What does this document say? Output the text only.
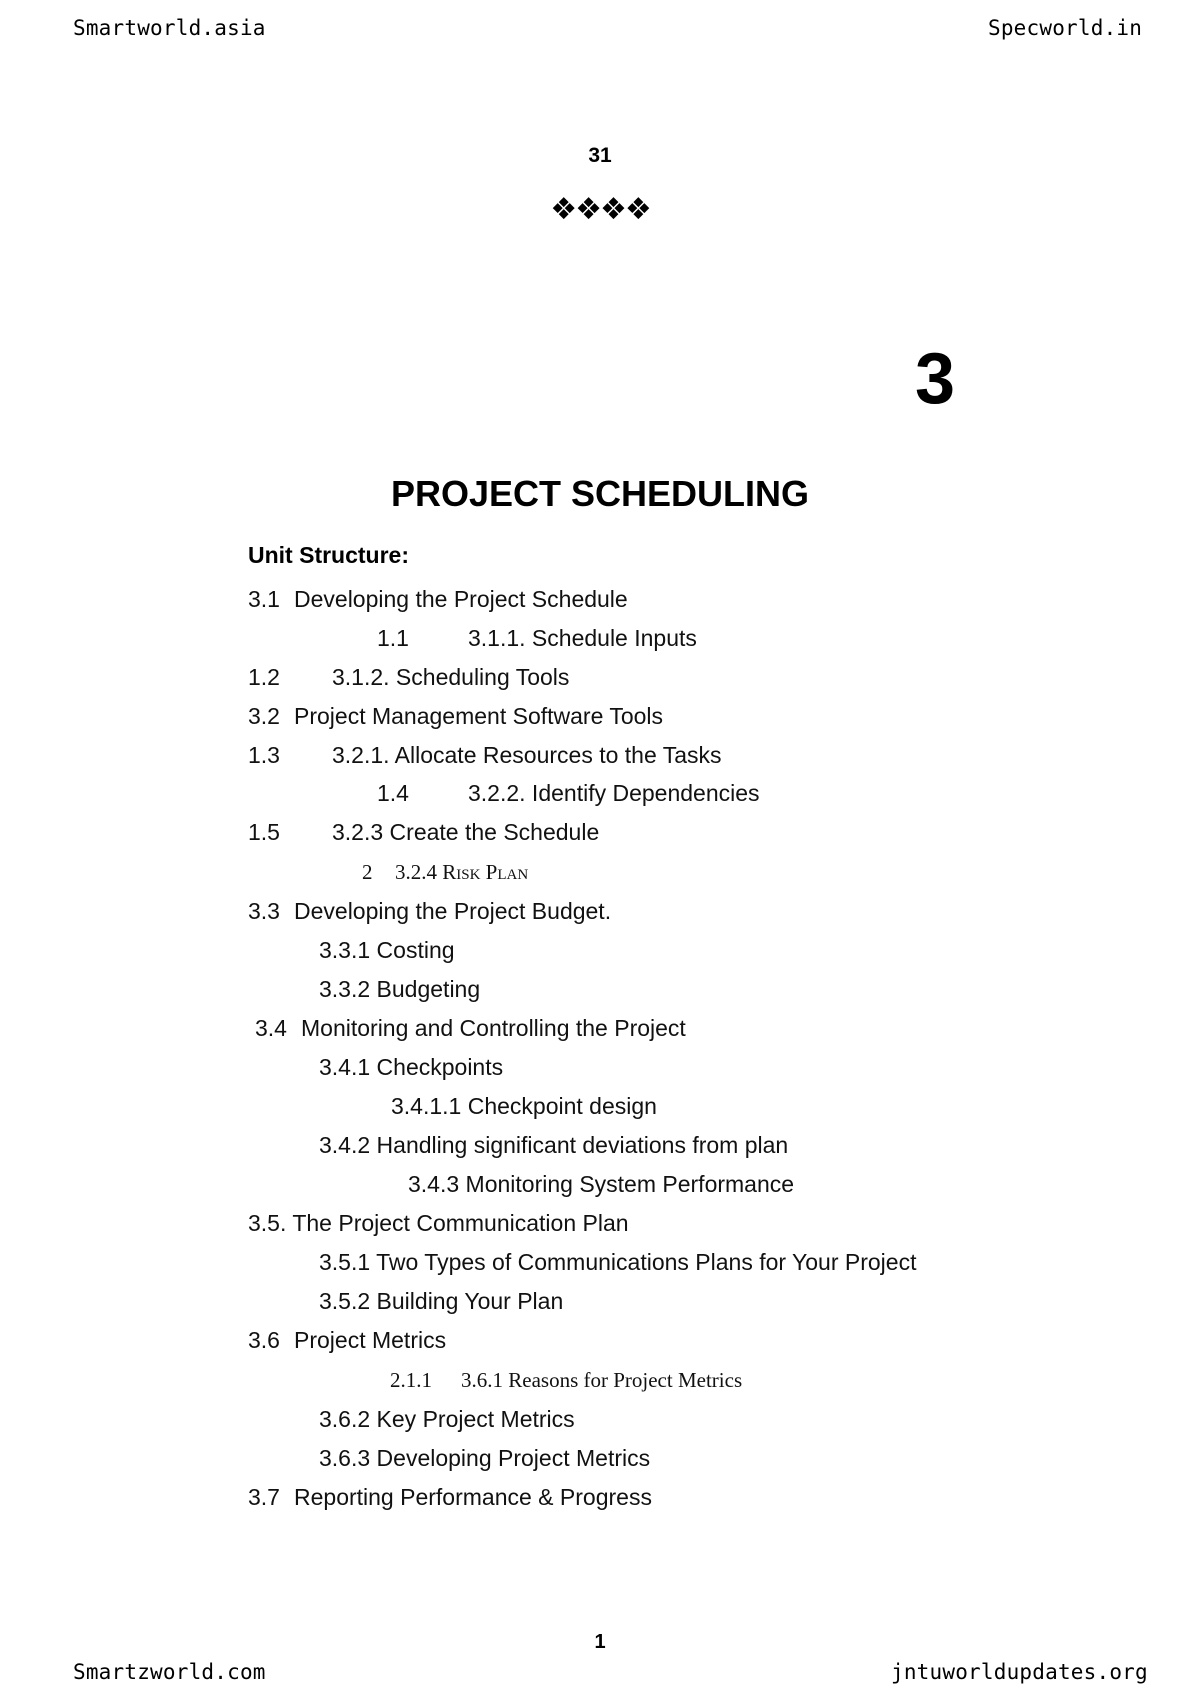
Smartworld.asia	Specworld.in
31
❖❖❖❖
3
PROJECT SCHEDULING
Unit Structure:
3.1 Developing the Project Schedule
1.1	3.1.1. Schedule Inputs
1.2 3.1.2. Scheduling Tools
3.2 Project Management Software Tools
1.3 3.2.1. Allocate Resources to the Tasks
1.4	3.2.2. Identify Dependencies
1.5 3.2.3 Create the Schedule
2 3.2.4 Risk Plan
3.3 Developing the Project Budget.
3.3.1 Costing
3.3.2 Budgeting
3.4 Monitoring and Controlling the Project
3.4.1 Checkpoints
3.4.1.1 Checkpoint design
3.4.2 Handling significant deviations from plan
3.4.3 Monitoring System Performance
3.5. The Project Communication Plan
3.5.1 Two Types of Communications Plans for Your Project
3.5.2 Building Your Plan
3.6 Project Metrics
2.1.1 3.6.1 Reasons for Project Metrics
3.6.2 Key Project Metrics
3.6.3 Developing Project Metrics
3.7 Reporting Performance & Progress
1
Smartzworld.com	jntuworldupdates.org
